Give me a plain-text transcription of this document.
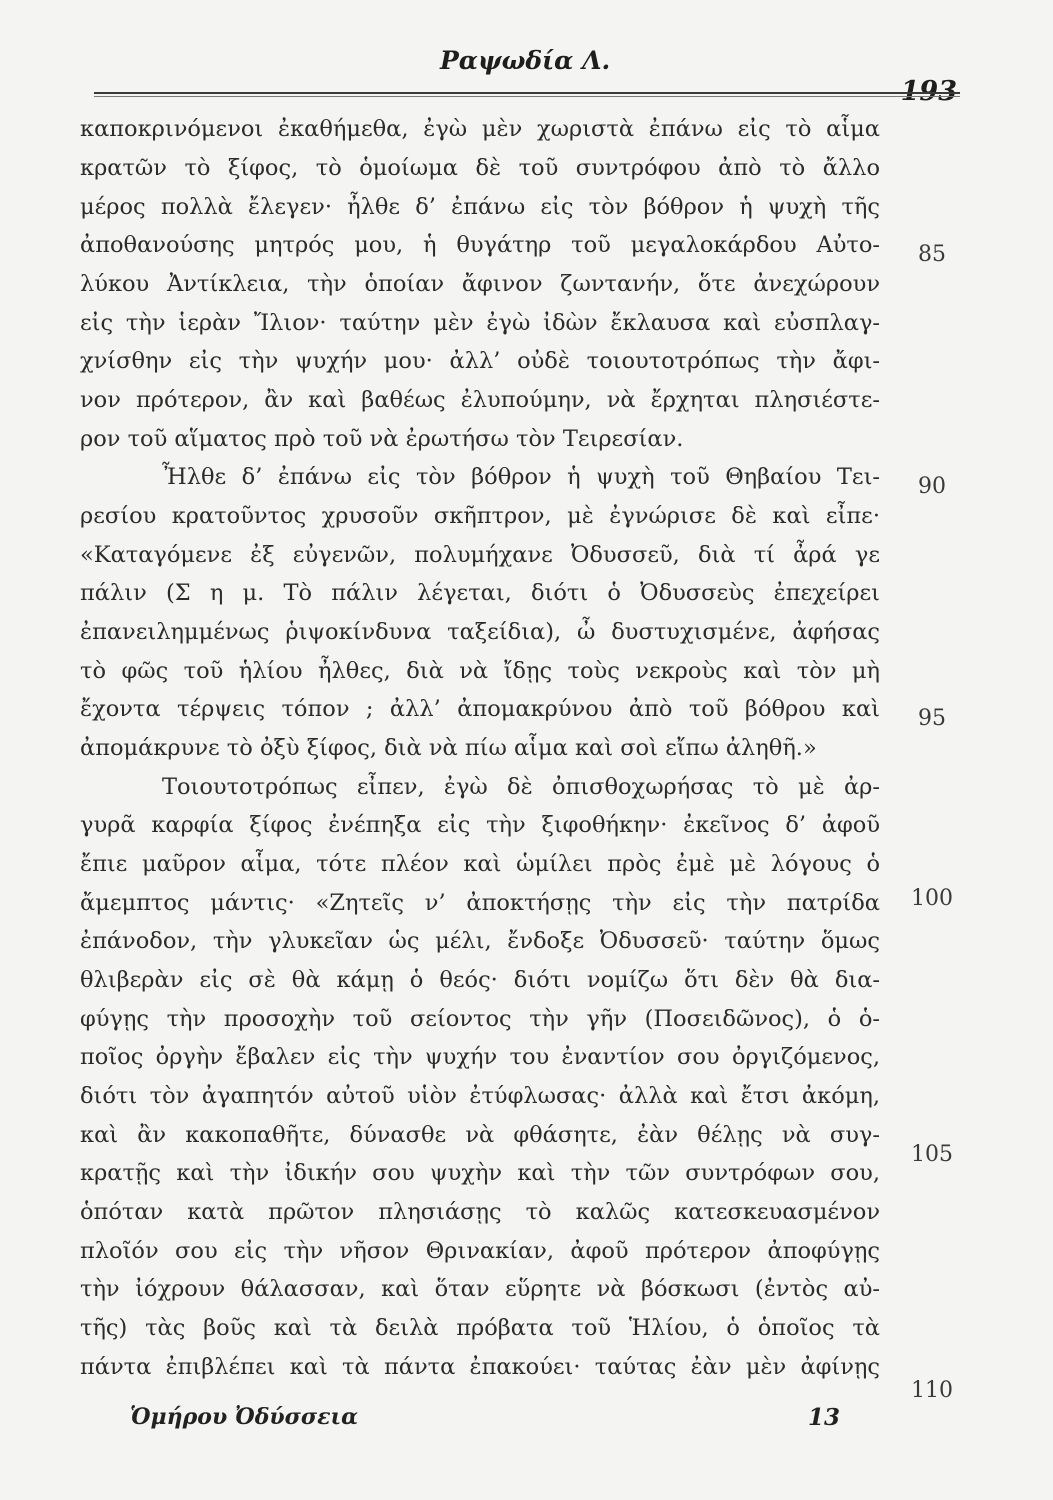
Ραψωδία Λ.
193
καποκρινόμενοι ἐκαθήμεθα, ἐγὼ μὲν χωριστὰ ἐπάνω εἰς τὸ αἷμα
κρατῶν τὸ ξίφος, τὸ ὁμοίωμα δὲ τοῦ συντρόφου ἀπὸ τὸ ἄλλο
μέρος πολλὰ ἔλεγεν· ἦλθε δ’ ἐπάνω εἰς τὸν βόθρον ἡ ψυχὴ τῆς
ἀποθανούσης μητρός μου, ἡ θυγάτηρ τοῦ μεγαλοκάρδου Αὐτο-
λύκου Ἀντίκλεια, τὴν ὁποίαν ἄφινον ζωντανήν, ὅτε ἀνεχώρουν
εἰς τὴν ἱερὰν Ἴλιον· ταύτην μὲν ἐγὼ ἰδὼν ἔκλαυσα καὶ εὐσπλαγ-
χνίσθην εἰς τὴν ψυχήν μου· ἀλλ’ οὐδὲ τοιουτοτρόπως τὴν ἄφι-
νον πρότερον, ἂν καὶ βαθέως ἐλυπούμην, νὰ ἔρχηται πλησιέστε-
ρον τοῦ αἵματος πρὸ τοῦ νὰ ἐρωτήσω τὸν Τειρεσίαν.
Ἦλθε δ’ ἐπάνω εἰς τὸν βόθρον ἡ ψυχὴ τοῦ Θηβαίου Τει-
ρεσίου κρατοῦντος χρυσοῦν σκῆπτρον, μὲ ἐγνώρισε δὲ καὶ εἶπε·
«Καταγόμενε ἐξ εὐγενῶν, πολυμήχανε Ὀδυσσεῦ, διὰ τί ἆρά γε
πάλιν (Σ η μ. Τὸ πάλιν λέγεται, διότι ὁ Ὀδυσσεὺς ἐπεχείρει
ἐπανειλημμένως ῥιψοκίνδυνα ταξείδια), ὦ δυστυχισμένε, ἀφήσας
τὸ φῶς τοῦ ἡλίου ἦλθες, διὰ νὰ ἴδῃς τοὺς νεκροὺς καὶ τὸν μὴ
ἔχοντα τέρψεις τόπον ; ἀλλ’ ἀπομακρύνου ἀπὸ τοῦ βόθρου καὶ
ἀπομάκρυνε τὸ ὀξὺ ξίφος, διὰ νὰ πίω αἷμα καὶ σοὶ εἴπω ἀληθῆ.»
Τοιουτοτρόπως εἶπεν, ἐγὼ δὲ ὀπισθοχωρήσας τὸ μὲ ἀρ-
γυρᾶ καρφία ξίφος ἐνέπηξα εἰς τὴν ξιφοθήκην· ἐκεῖνος δ’ ἀφοῦ
ἔπιε μαῦρον αἷμα, τότε πλέον καὶ ὡμίλει πρὸς ἐμὲ μὲ λόγους ὁ
ἄμεμπτος μάντις· «Ζητεῖς ν’ ἀποκτήσῃς τὴν εἰς τὴν πατρίδα
ἐπάνοδον, τὴν γλυκεῖαν ὡς μέλι, ἔνδοξε Ὀδυσσεῦ· ταύτην ὅμως
θλιβερὰν εἰς σὲ θὰ κάμῃ ὁ θεός· διότι νομίζω ὅτι δὲν θὰ δια-
φύγῃς τὴν προσοχὴν τοῦ σείοντος τὴν γῆν (Ποσειδῶνος), ὁ ὁ-
ποῖος ὀργὴν ἔβαλεν εἰς τὴν ψυχήν του ἐναντίον σου ὀργιζόμενος,
διότι τὸν ἀγαπητόν αὐτοῦ υἱὸν ἐτύφλωσας· ἀλλὰ καὶ ἔτσι ἀκόμη,
καὶ ἂν κακοπαθῆτε, δύνασθε νὰ φθάσητε, ἐὰν θέλῃς νὰ συγ-
κρατῇς καὶ τὴν ἰδικήν σου ψυχὴν καὶ τὴν τῶν συντρόφων σου,
ὁπόταν κατὰ πρῶτον πλησιάσῃς τὸ καλῶς κατεσκευασμένον
πλοῖόν σου εἰς τὴν νῆσον Θρινακίαν, ἀφοῦ πρότερον ἀποφύγῃς
τὴν ἰόχρουν θάλασσαν, καὶ ὅταν εὕρητε νὰ βόσκωσι (ἐντὸς αὐ-
τῆς) τὰς βοῦς καὶ τὰ δειλὰ πρόβατα τοῦ Ἡλίου, ὁ ὁποῖος τὰ
πάντα ἐπιβλέπει καὶ τὰ πάντα ἐπακούει· ταύτας ἐὰν μὲν ἀφίνῃς
85
90
95
100
105
110
Ὁμήρου Ὀδύσσεια	13
